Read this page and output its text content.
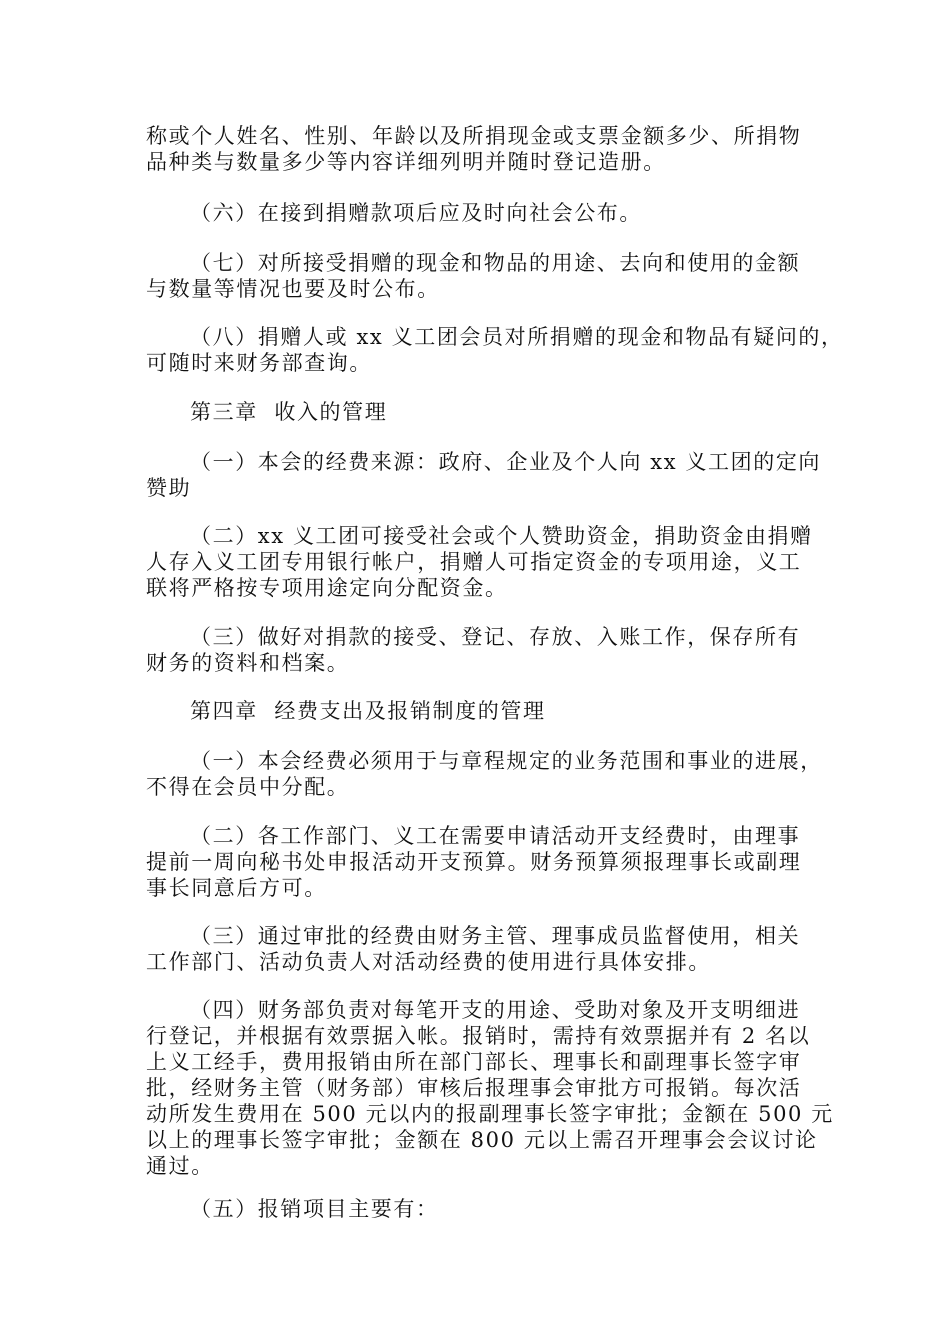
称或个人姓名、性别、年龄以及所捐现金或支票金额多少、所捐物
品种类与数量多少等内容详细列明并随时登记造册。
（六）在接到捐赠款项后应及时向社会公布。
（七）对所接受捐赠的现金和物品的用途、去向和使用的金额
与数量等情况也要及时公布。
（八）捐赠人或 xx 义工团会员对所捐赠的现金和物品有疑问的，
可随时来财务部查询。
第三章  收入的管理
（一）本会的经费来源：政府、企业及个人向 xx 义工团的定向
赞助
（二）xx 义工团可接受社会或个人赞助资金，捐助资金由捐赠
人存入义工团专用银行帐户，捐赠人可指定资金的专项用途，义工
联将严格按专项用途定向分配资金。
（三）做好对捐款的接受、登记、存放、入账工作，保存所有
财务的资料和档案。
第四章  经费支出及报销制度的管理
（一）本会经费必须用于与章程规定的业务范围和事业的进展，
不得在会员中分配。
（二）各工作部门、义工在需要申请活动开支经费时，由理事
提前一周向秘书处申报活动开支预算。财务预算须报理事长或副理
事长同意后方可。
（三）通过审批的经费由财务主管、理事成员监督使用，相关
工作部门、活动负责人对活动经费的使用进行具体安排。
（四）财务部负责对每笔开支的用途、受助对象及开支明细进
行登记，并根据有效票据入帐。报销时，需持有效票据并有 2 名以
上义工经手，费用报销由所在部门部长、理事长和副理事长签字审
批，经财务主管（财务部）审核后报理事会审批方可报销。每次活
动所发生费用在 500 元以内的报副理事长签字审批；金额在 500 元
以上的理事长签字审批；金额在 800 元以上需召开理事会会议讨论
通过。
（五）报销项目主要有：
